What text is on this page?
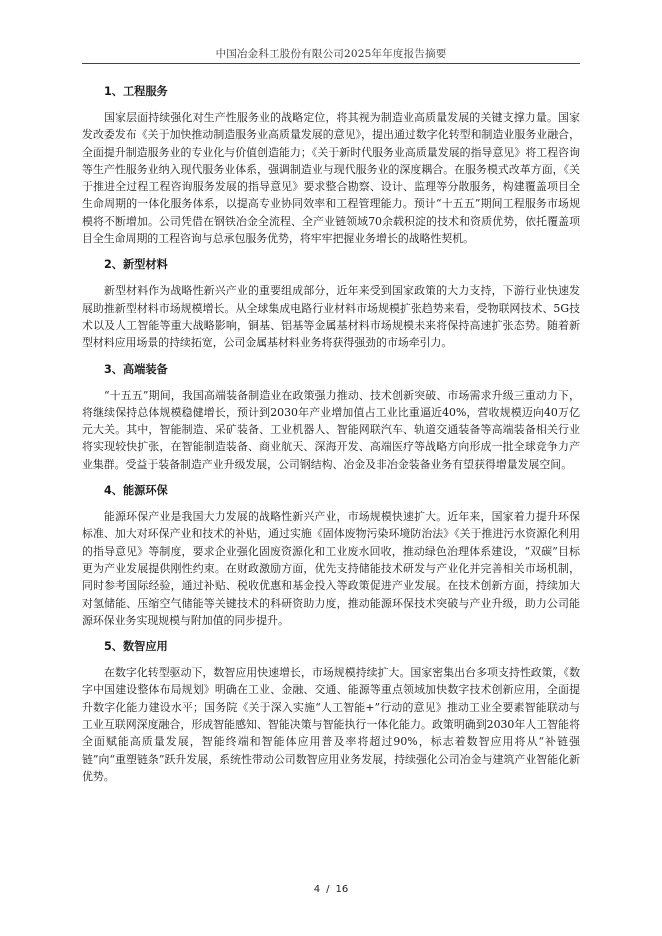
中国冶金科工股份有限公司2025年年度报告摘要
1、工程服务

国家层面持续强化对生产性服务业的战略定位，将其视为制造业高质量发展的关键支撑力量。国家发改委发布《关于加快推动制造服务业高质量发展的意见》，提出通过数字化转型和制造业服务业融合，全面提升制造服务业的专业化与价值创造能力；《关于新时代服务业高质量发展的指导意见》将工程咨询等生产性服务业纳入现代服务业体系，强调制造业与现代服务业的深度耦合。在服务模式改革方面，《关于推进全过程工程咨询服务发展的指导意见》要求整合勘察、设计、监理等分散服务，构建覆盖项目全生命周期的一体化服务体系，以提高专业协同效率和工程管理能力。预计“十五五”期间工程服务市场规模将不断增加。公司凭借在钢铁冶金全流程、全产业链领域70余载积淀的技术和资质优势，依托覆盖项目全生命周期的工程咨询与总承包服务优势，将牢牢把握业务增长的战略性契机。

2、新型材料

新型材料作为战略性新兴产业的重要组成部分，近年来受到国家政策的大力支持，下游行业快速发展助推新型材料市场规模增长。从全球集成电路行业材料市场规模扩张趋势来看，受物联网技术、5G技术以及人工智能等重大战略影响，铜基、铝基等金属基材料市场规模未来将保持高速扩张态势。随着新型材料应用场景的持续拓宽，公司金属基材料业务将获得强劲的市场牵引力。

3、高端装备

“十五五”期间，我国高端装备制造业在政策强力推动、技术创新突破、市场需求升级三重动力下，将继续保持总体规模稳健增长，预计到2030年产业增加值占工业比重逼近40%，营收规模迈向40万亿元大关。其中，智能制造、采矿装备、工业机器人、智能网联汽车、轨道交通装备等高端装备相关行业将实现较快扩张，在智能制造装备、商业航天、深海开发、高端医疗等战略方向形成一批全球竞争力产业集群。受益于装备制造产业升级发展，公司钢结构、冶金及非冶金装备业务有望获得增量发展空间。

4、能源环保

能源环保产业是我国大力发展的战略性新兴产业，市场规模快速扩大。近年来，国家着力提升环保标准、加大对环保产业和技术的补贴，通过实施《固体废物污染环境防治法》《关于推进污水资源化利用的指导意见》等制度，要求企业强化固废资源化和工业废水回收，推动绿色治理体系建设，“双碳”目标更为产业发展提供刚性约束。在财政激励方面，优先支持储能技术研发与产业化并完善相关市场机制，同时参考国际经验，通过补贴、税收优惠和基金投入等政策促进产业发展。在技术创新方面，持续加大对氢储能、压缩空气储能等关键技术的科研资助力度，推动能源环保技术突破与产业升级，助力公司能源环保业务实现规模与附加值的同步提升。

5、数智应用

在数字化转型驱动下，数智应用快速增长，市场规模持续扩大。国家密集出台多项支持性政策，《数字中国建设整体布局规划》明确在工业、金融、交通、能源等重点领域加快数字技术创新应用，全面提升数字化能力建设水平；国务院《关于深入实施“人工智能+”行动的意见》推动工业全要素智能联动与工业互联网深度融合，形成智能感知、智能决策与智能执行一体化能力。政策明确到2030年人工智能将全面赋能高质量发展，智能终端和智能体应用普及率将超过90%，标志着数智应用将从“补链强链”向“重塑链条”跃升发展，系统性带动公司数智应用业务发展，持续强化公司冶金与建筑产业智能化新优势。

4 / 16
